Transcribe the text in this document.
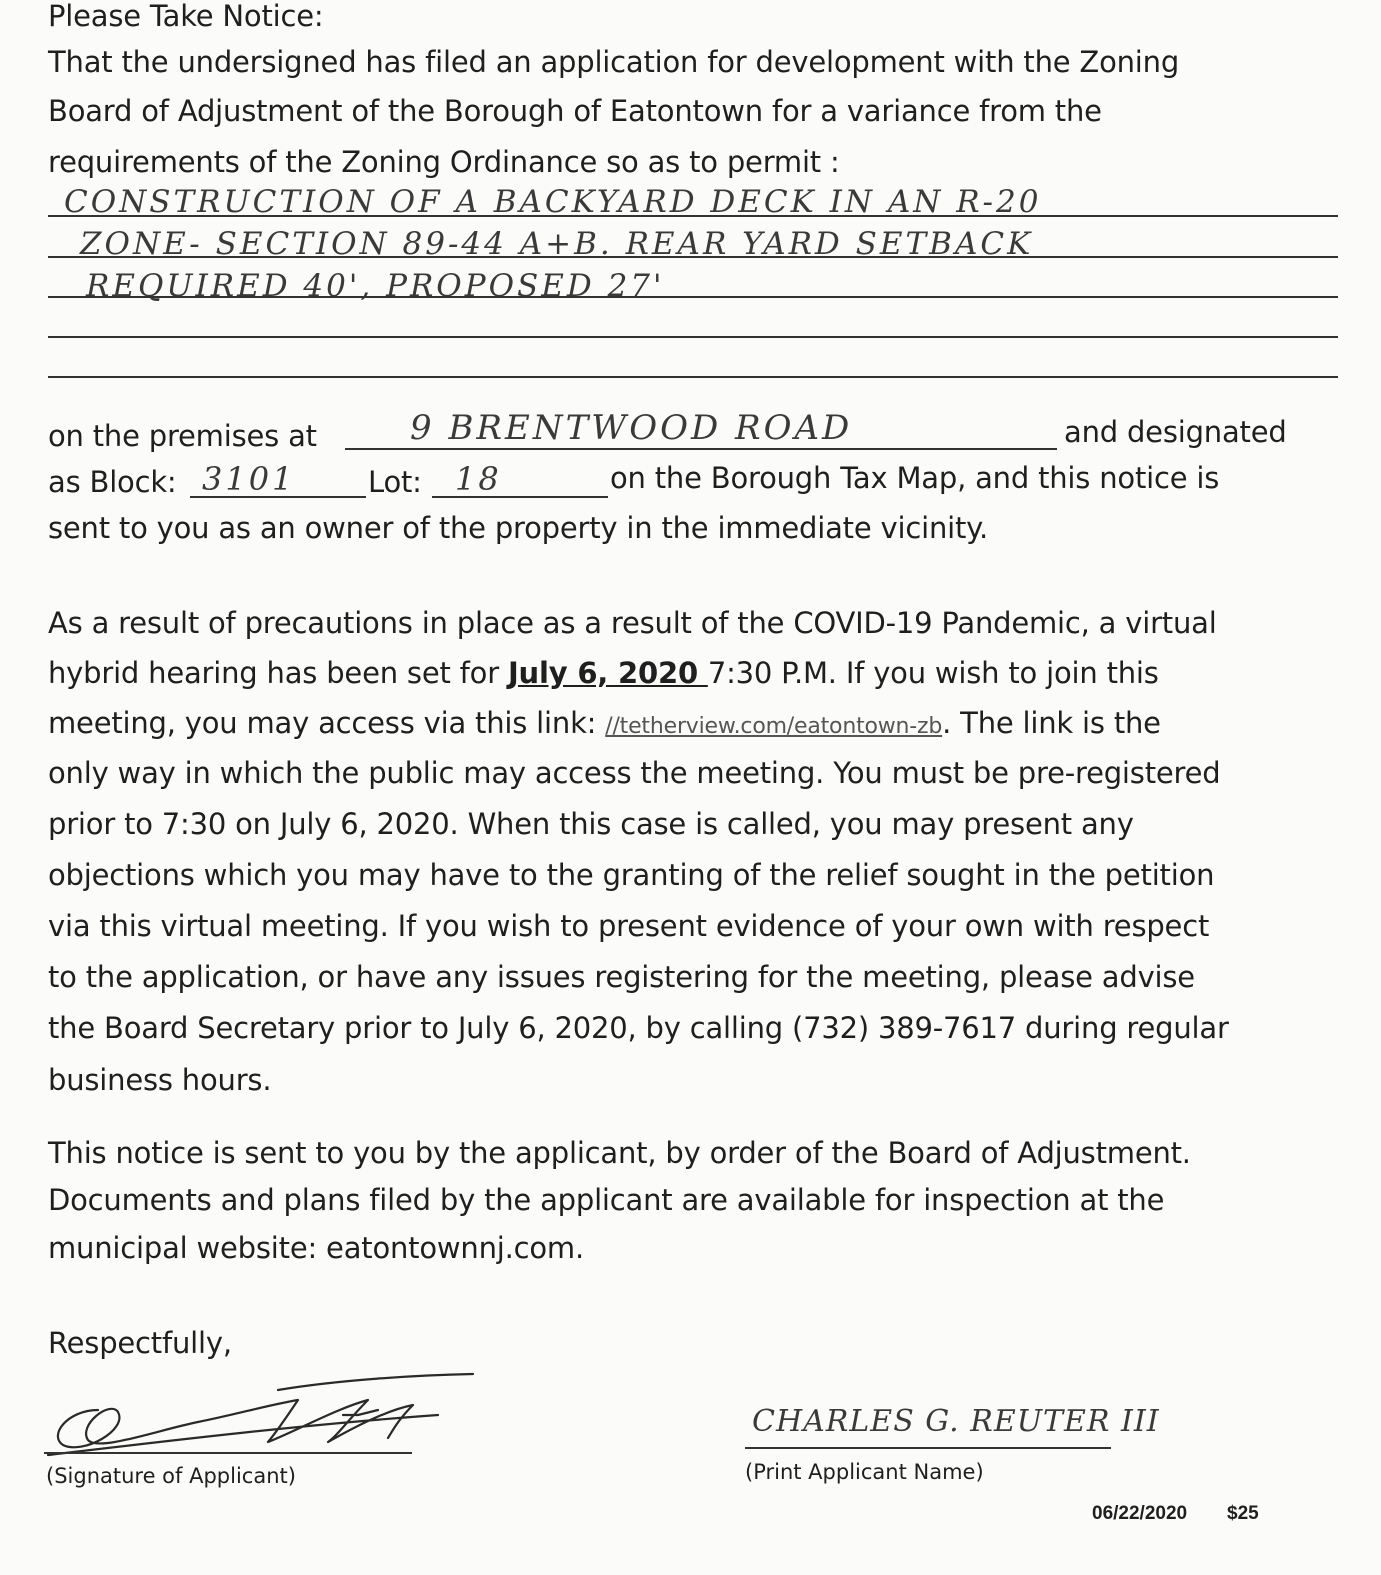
Please Take Notice:
That the undersigned has filed an application for development with the Zoning
Board of Adjustment of the Borough of Eatontown for a variance from the
requirements of the Zoning Ordinance so as to permit :
CONSTRUCTION OF A BACKYARD DECK IN AN R-20
ZONE- SECTION 89-44 A+B. REAR YARD SETBACK
REQUIRED 40', PROPOSED 27'
on the premises at	9 BRENTWOOD ROAD	and designated
as Block: 3101	Lot: 18	on the Borough Tax Map, and this notice is
sent to you as an owner of the property in the immediate vicinity.
As a result of precautions in place as a result of the COVID-19 Pandemic, a virtual
hybrid hearing has been set for July 6, 2020 7:30 P.M. If you wish to join this
meeting, you may access via this link: //tetherview.com/eatontown-zb. The link is the
only way in which the public may access the meeting. You must be pre-registered
prior to 7:30 on July 6, 2020. When this case is called, you may present any
objections which you may have to the granting of the relief sought in the petition
via this virtual meeting. If you wish to present evidence of your own with respect
to the application, or have any issues registering for the meeting, please advise
the Board Secretary prior to July 6, 2020, by calling (732) 389-7617 during regular
business hours.
This notice is sent to you by the applicant, by order of the Board of Adjustment.
Documents and plans filed by the applicant are available for inspection at the
municipal website: eatontownnj.com.
Respectfully,
(Signature of Applicant)
CHARLES G. REUTER III
(Print Applicant Name)
06/22/2020 $25
